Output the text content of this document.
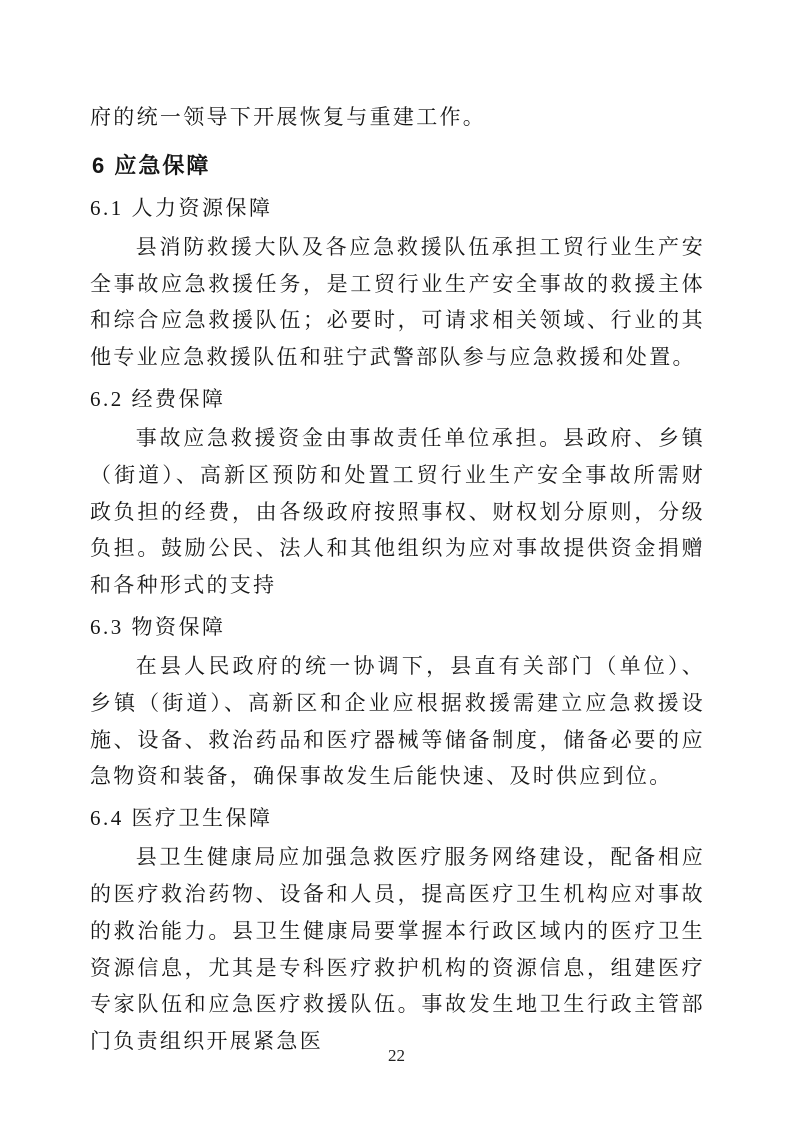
府的统一领导下开展恢复与重建工作。

6 应急保障
6.1 人力资源保障

县消防救援大队及各应急救援队伍承担工贸行业生产安全事故应急救援任务，是工贸行业生产安全事故的救援主体和综合应急救援队伍；必要时，可请求相关领域、行业的其他专业应急救援队伍和驻宁武警部队参与应急救援和处置。

6.2 经费保障

事故应急救援资金由事故责任单位承担。县政府、乡镇（街道）、高新区预防和处置工贸行业生产安全事故所需财政负担的经费，由各级政府按照事权、财权划分原则，分级负担。鼓励公民、法人和其他组织为应对事故提供资金捐赠和各种形式的支持

6.3 物资保障

在县人民政府的统一协调下，县直有关部门（单位）、乡镇（街道）、高新区和企业应根据救援需建立应急救援设施、设备、救治药品和医疗器械等储备制度，储备必要的应急物资和装备，确保事故发生后能快速、及时供应到位。

6.4 医疗卫生保障

县卫生健康局应加强急救医疗服务网络建设，配备相应的医疗救治药物、设备和人员，提高医疗卫生机构应对事故的救治能力。县卫生健康局要掌握本行政区域内的医疗卫生资源信息，尤其是专科医疗救护机构的资源信息，组建医疗专家队伍和应急医疗救援队伍。事故发生地卫生行政主管部门负责组织开展紧急医

22
